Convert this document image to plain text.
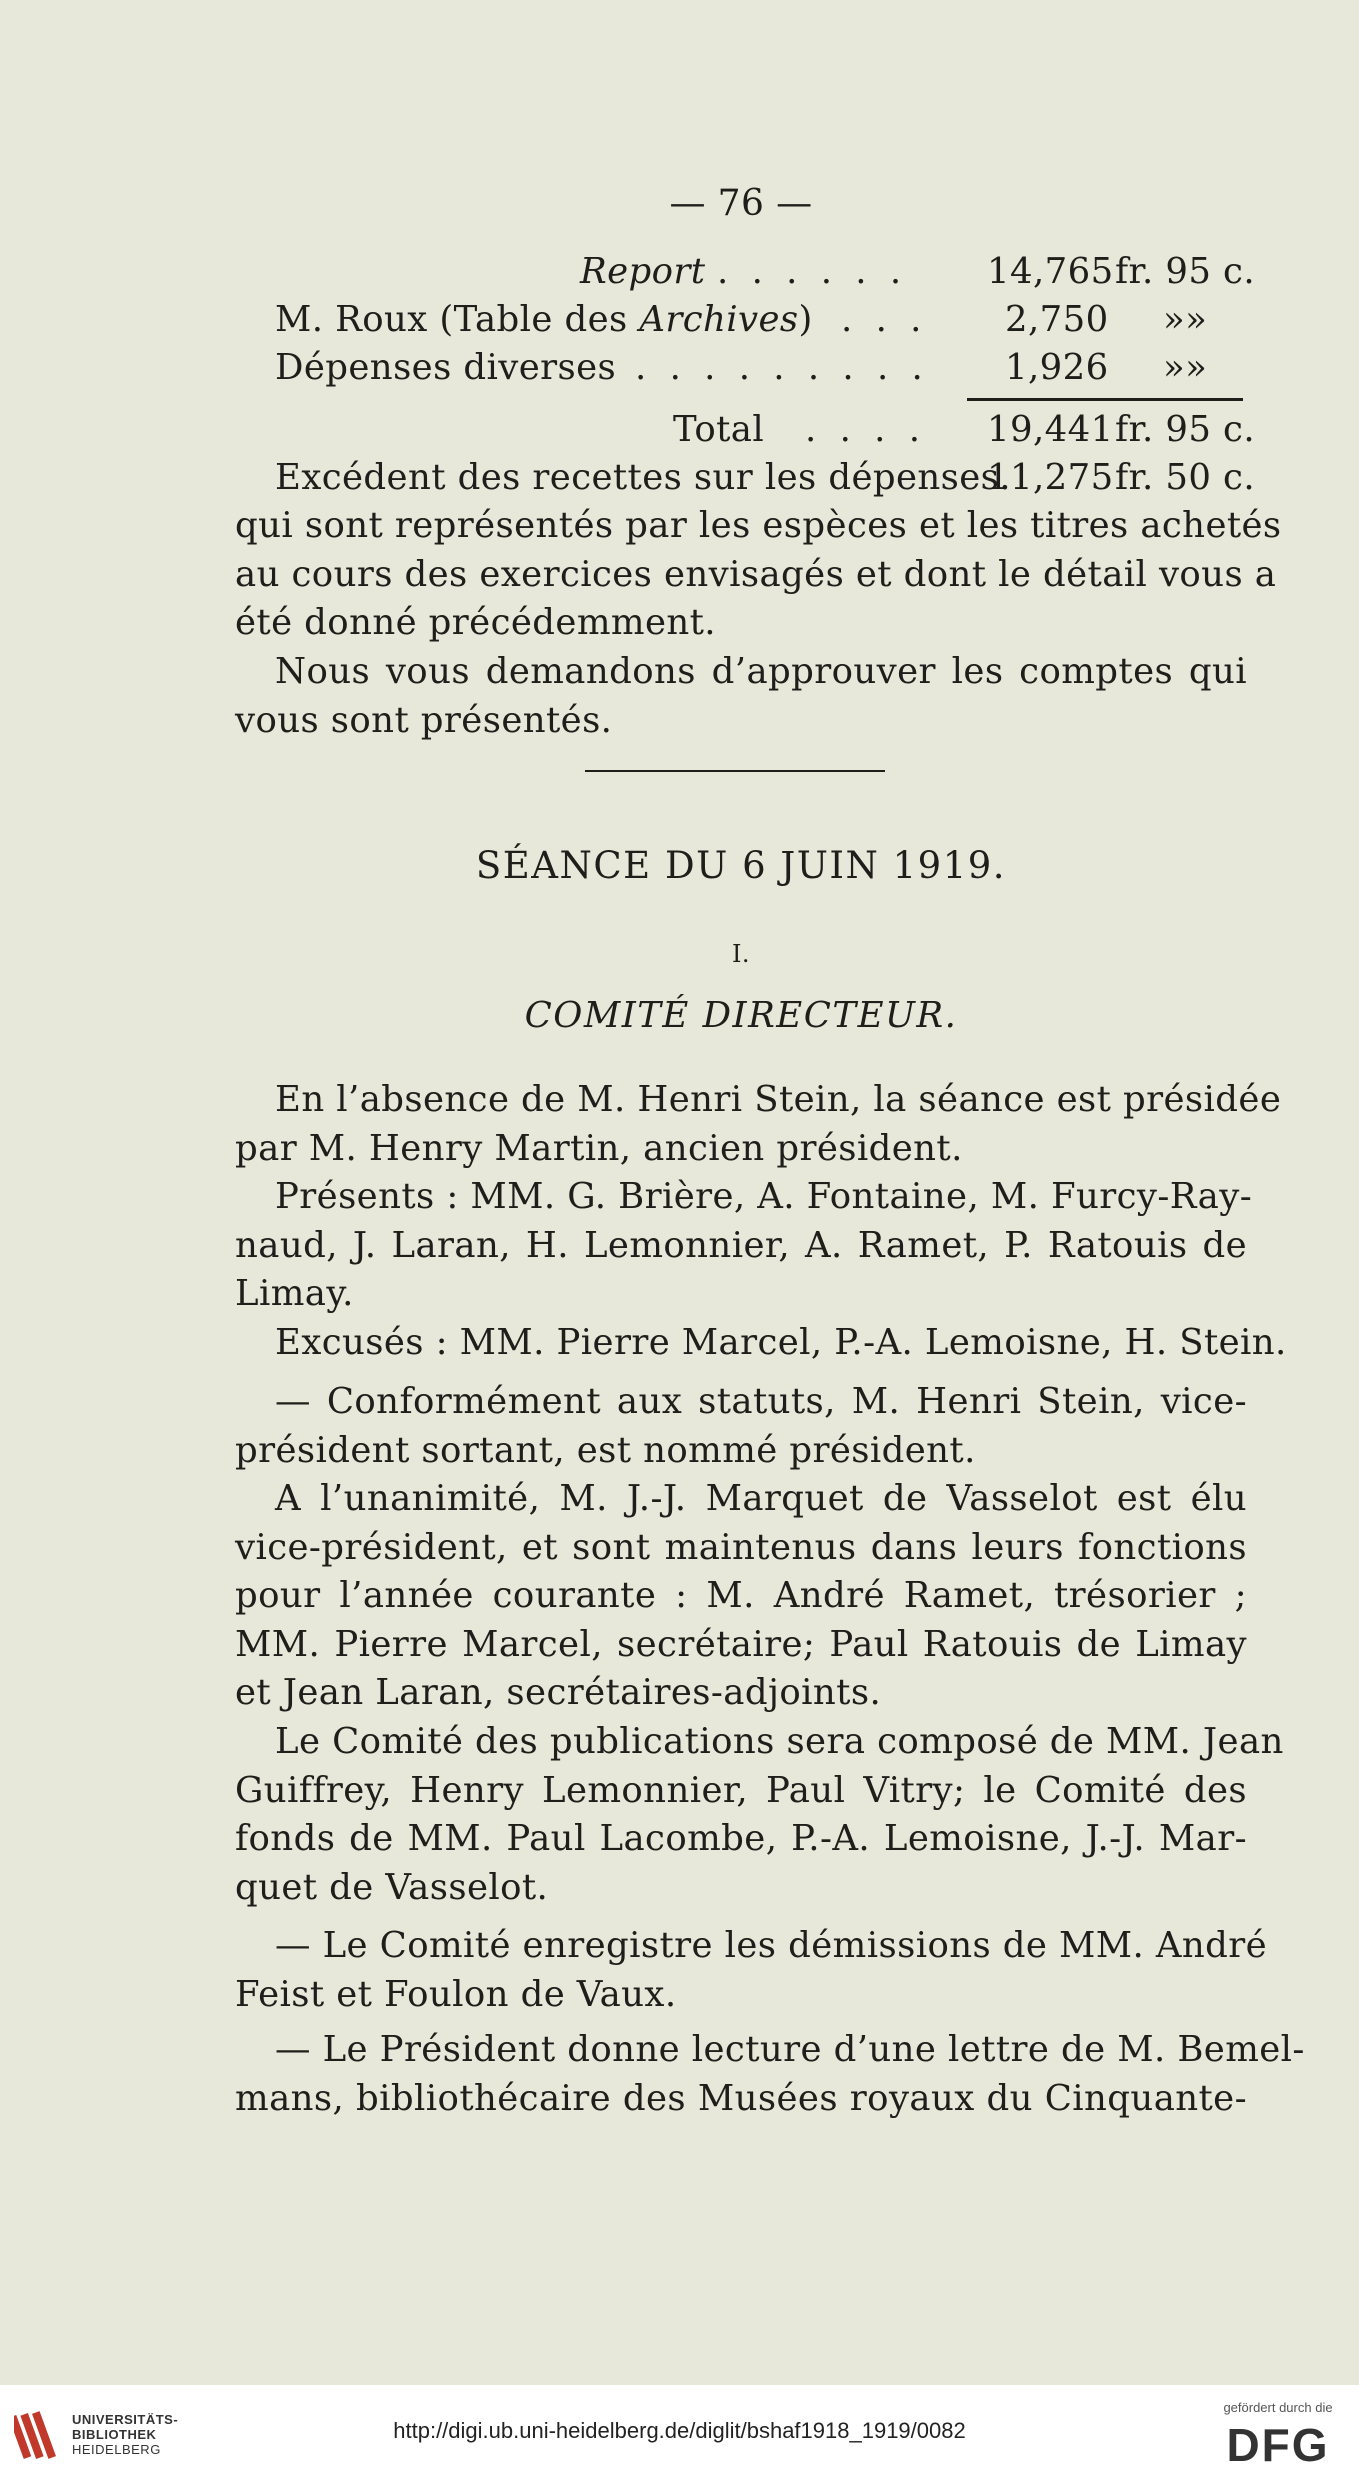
— 76 —
Report . . . . . . 14,765 fr. 95 c.
M. Roux (Table des Archives) . . . 2,750 »»
Dépenses diverses . . . . . . . . . 1,926 »»
Total . . . . 19,441 fr. 95 c.
Excédent des recettes sur les dépenses.
11,275 fr. 50 c.
qui sont représentés par les espèces et les titres achetés
au cours des exercices envisagés et dont le détail vous a
été donné précédemment.
Nous vous demandons d’approuver les comptes qui
vous sont présentés.
SÉANCE DU 6 JUIN 1919.
I.
COMITÉ DIRECTEUR.
En l’absence de M. Henri Stein, la séance est présidée
par M. Henry Martin, ancien président.
Présents : MM. G. Brière, A. Fontaine, M. Furcy-Ray-
naud, J. Laran, H. Lemonnier, A. Ramet, P. Ratouis de
Limay.
Excusés : MM. Pierre Marcel, P.-A. Lemoisne, H. Stein.
— Conformément aux statuts, M. Henri Stein, vice-
président sortant, est nommé président.
A l’unanimité, M. J.-J. Marquet de Vasselot est élu
vice-président, et sont maintenus dans leurs fonctions
pour l’année courante : M. André Ramet, trésorier ;
MM. Pierre Marcel, secrétaire; Paul Ratouis de Limay
et Jean Laran, secrétaires-adjoints.
Le Comité des publications sera composé de MM. Jean
Guiffrey, Henry Lemonnier, Paul Vitry; le Comité des
fonds de MM. Paul Lacombe, P.-A. Lemoisne, J.-J. Mar-
quet de Vasselot.
— Le Comité enregistre les démissions de MM. André
Feist et Foulon de Vaux.
— Le Président donne lecture d’une lettre de M. Bemel-
mans, bibliothécaire des Musées royaux du Cinquante-
UNIVERSITÄTS-
BIBLIOTHEK
HEIDELBERG
http://digi.ub.uni-heidelberg.de/diglit/bshaf1918_1919/0082
gefördert durch die
DFG
